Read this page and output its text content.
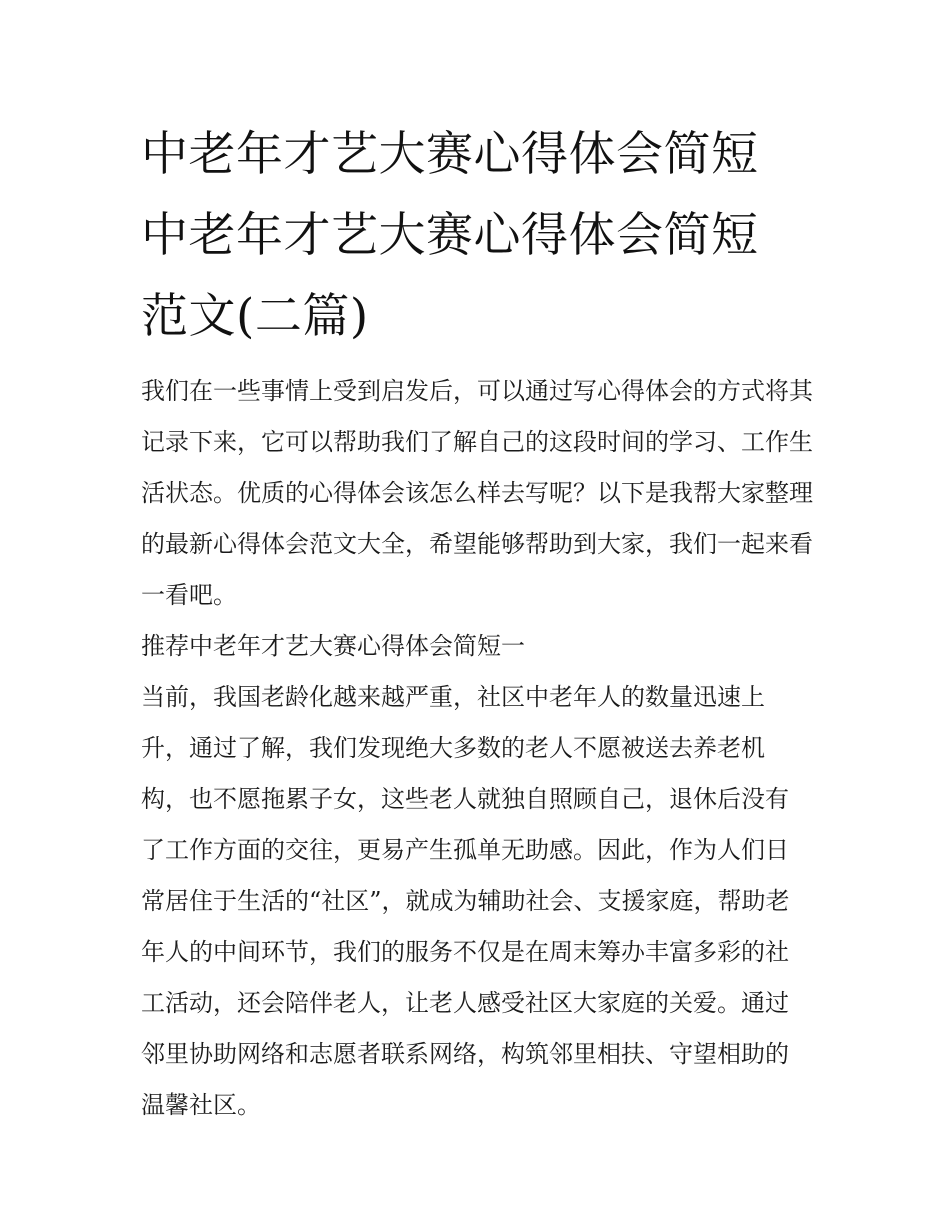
中老年才艺大赛心得体会简短
中老年才艺大赛心得体会简短
范文(二篇)

我们在一些事情上受到启发后，可以通过写心得体会的方式将其记录下来，它可以帮助我们了解自己的这段时间的学习、工作生活状态。优质的心得体会该怎么样去写呢？以下是我帮大家整理的最新心得体会范文大全，希望能够帮助到大家，我们一起来看一看吧。

推荐中老年才艺大赛心得体会简短一

当前，我国老龄化越来越严重，社区中老年人的数量迅速上升，通过了解，我们发现绝大多数的老人不愿被送去养老机构，也不愿拖累子女，这些老人就独自照顾自己，退休后没有了工作方面的交往，更易产生孤单无助感。因此，作为人们日常居住于生活的“社区”，就成为辅助社会、支援家庭，帮助老年人的中间环节，我们的服务不仅是在周末筹办丰富多彩的社工活动，还会陪伴老人，让老人感受社区大家庭的关爱。通过邻里协助网络和志愿者联系网络，构筑邻里相扶、守望相助的温馨社区。
